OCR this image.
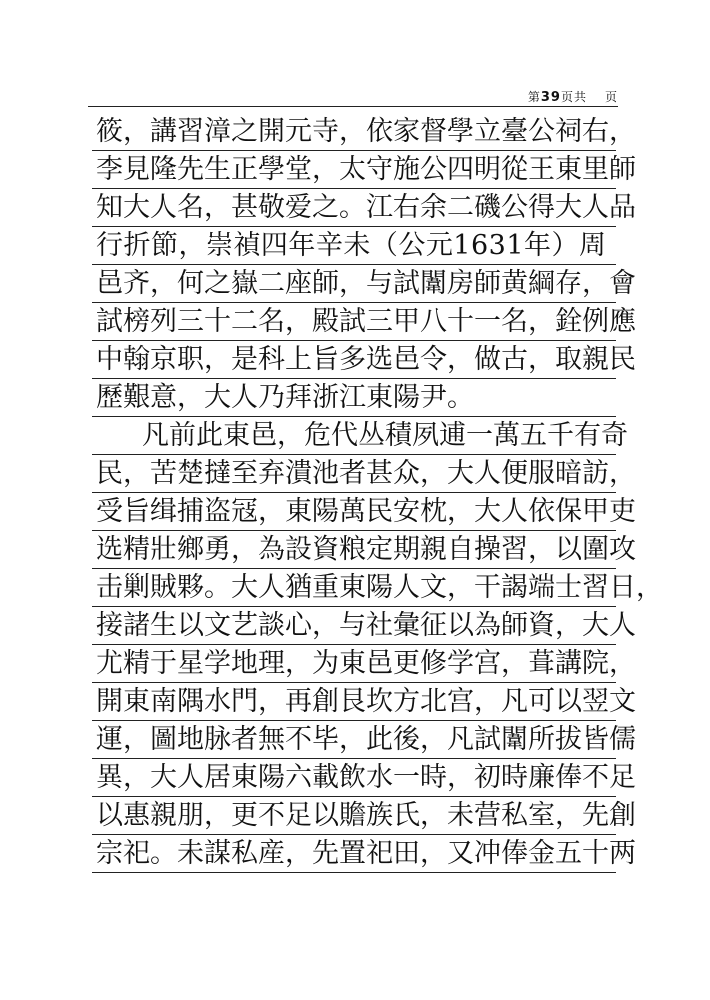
第39页共 页
筱 ， 講 習 漳 之 開 元 寺 ， 依 家 督 學 立 臺 公 祠 右 ，
李 見 隆 先 生 正 學 堂 ， 太 守 施 公 四 明 從 王 東 里 師
知 大 人 名 ， 甚 敬 爱 之 。 江 右 余 二 磯 公 得 大 人 品
行 折 節 ， 崇 禎 四 年 辛 未 （ 公 元 1 6 3 1 年 ） 周
邑 齐 ， 何 之 嶽 二 座 師 ， 与 試 闈 房 師 黄 綱 存 ， 會
試 榜 列 三 十 二 名 ， 殿 試 三 甲 八 十 一 名 ， 銓 例 應
中 翰 京 职 ， 是 科 上 旨 多 选 邑 令 ， 做 古 ， 取 親 民
歷艱意，大人乃拜浙江東陽尹。
凡 前 此 東 邑 ， 危 代 丛 積 夙 逋 一 萬 五 千 有 奇
民 ， 苦 楚 撻 至 弃 潰 池 者 甚 众 ， 大 人 便 服 暗 訪 ，
受 旨 缉 捕 盗 冦 ， 東 陽 萬 民 安 枕 ， 大 人 依 保 甲 吏
选 精 壯 鄉 勇 ， 為 設 資 粮 定 期 親 自 操 習 ， 以 圍 攻
击 剿 賊 夥 。 大 人 猶 重 東 陽 人 文 ， 干 謁 端 士 習 日 ，
接 諸 生 以 文 艺 談 心 ， 与 社 彙 征 以 為 師 資 ， 大 人
尤 精 于 星 学 地 理 ， 为 東 邑 更 修 学 宫 ， 葺 講 院 ，
開 東 南 隅 水 門 ， 再 創 艮 坎 方 北 宫 ， 凡 可 以 翌 文
運 ， 圖 地 脉 者 無 不 毕 ， 此 後 ， 凡 試 闈 所 拔 皆 儒
異 ， 大 人 居 東 陽 六 載 飲 水 一 時 ， 初 時 廉 俸 不 足
以 惠 親 朋 ， 更 不 足 以 贍 族 氏 ， 未 营 私 室 ， 先 創
宗 祀 。 未 謀 私 産 ， 先 置 祀 田 ， 又 冲 俸 金 五 十 两
